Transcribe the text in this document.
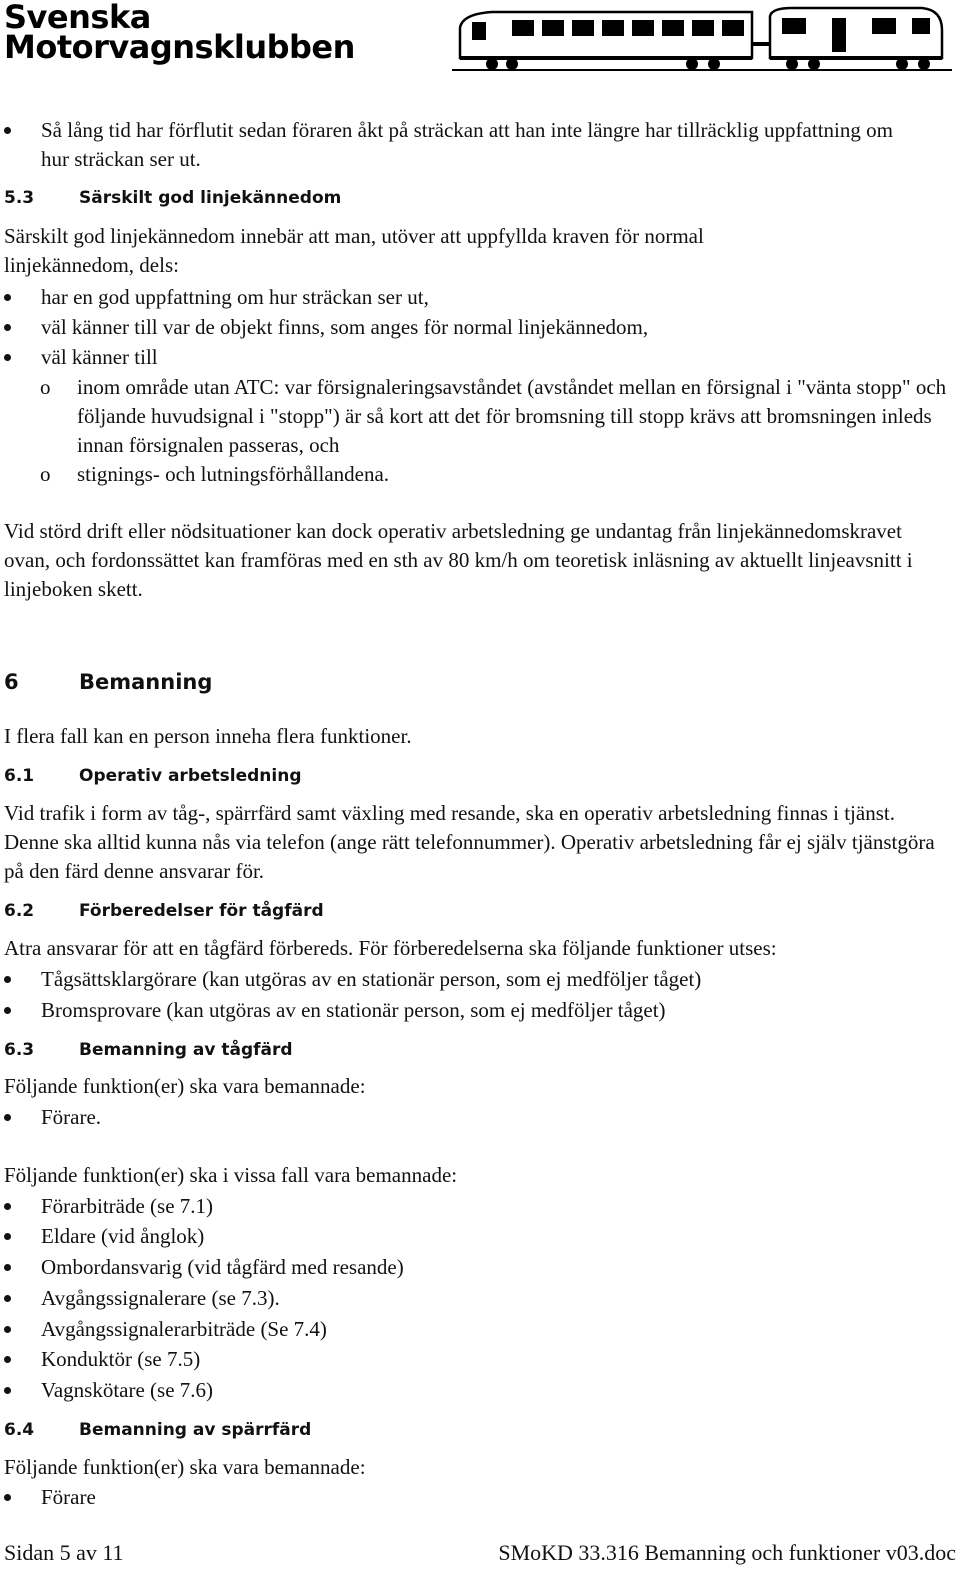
Svenska
Motorvagnsklubben
Så lång tid har förflutit sedan föraren åkt på sträckan att han inte längre har tillräcklig uppfattning om hur sträckan ser ut.
5.3	Särskilt god linjekännedom
Särskilt god linjekännedom innebär att man, utöver att uppfyllda kraven för normal
linjekännedom, dels:
har en god uppfattning om hur sträckan ser ut,
väl känner till var de objekt finns, som anges för normal linjekännedom,
väl känner till
o inom område utan ATC: var försignaleringsavståndet (avståndet mellan en försignal i "vänta stopp" och följande huvudsignal i "stopp") är så kort att det för bromsning till stopp krävs att bromsningen inleds innan försignalen passeras, och
o stignings- och lutningsförhållandena.
Vid störd drift eller nödsituationer kan dock operativ arbetsledning ge undantag från linjekännedomskravet ovan, och fordonssättet kan framföras med en sth av 80 km/h om teoretisk inläsning av aktuellt linjeavsnitt i linjeboken skett.
6	Bemanning
I flera fall kan en person inneha flera funktioner.
6.1	Operativ arbetsledning
Vid trafik i form av tåg-, spärrfärd samt växling med resande, ska en operativ arbetsledning finnas i tjänst. Denne ska alltid kunna nås via telefon (ange rätt telefonnummer). Operativ arbetsledning får ej själv tjänstgöra på den färd denne ansvarar för.
6.2	Förberedelser för tågfärd
Atra ansvarar för att en tågfärd förbereds. För förberedelserna ska följande funktioner utses:
Tågsättsklargörare (kan utgöras av en stationär person, som ej medföljer tåget)
Bromsprovare (kan utgöras av en stationär person, som ej medföljer tåget)
6.3	Bemanning av tågfärd
Följande funktion(er) ska vara bemannade:
Förare.
Följande funktion(er) ska i vissa fall vara bemannade:
Förarbiträde (se 7.1)
Eldare (vid ånglok)
Ombordansvarig (vid tågfärd med resande)
Avgångssignalerare (se 7.3).
Avgångssignalerarbiträde (Se 7.4)
Konduktör (se 7.5)
Vagnskötare (se 7.6)
6.4	Bemanning av spärrfärd
Följande funktion(er) ska vara bemannade:
Förare
Sidan 5 av 11	SMoKD 33.316 Bemanning och funktioner v03.doc
